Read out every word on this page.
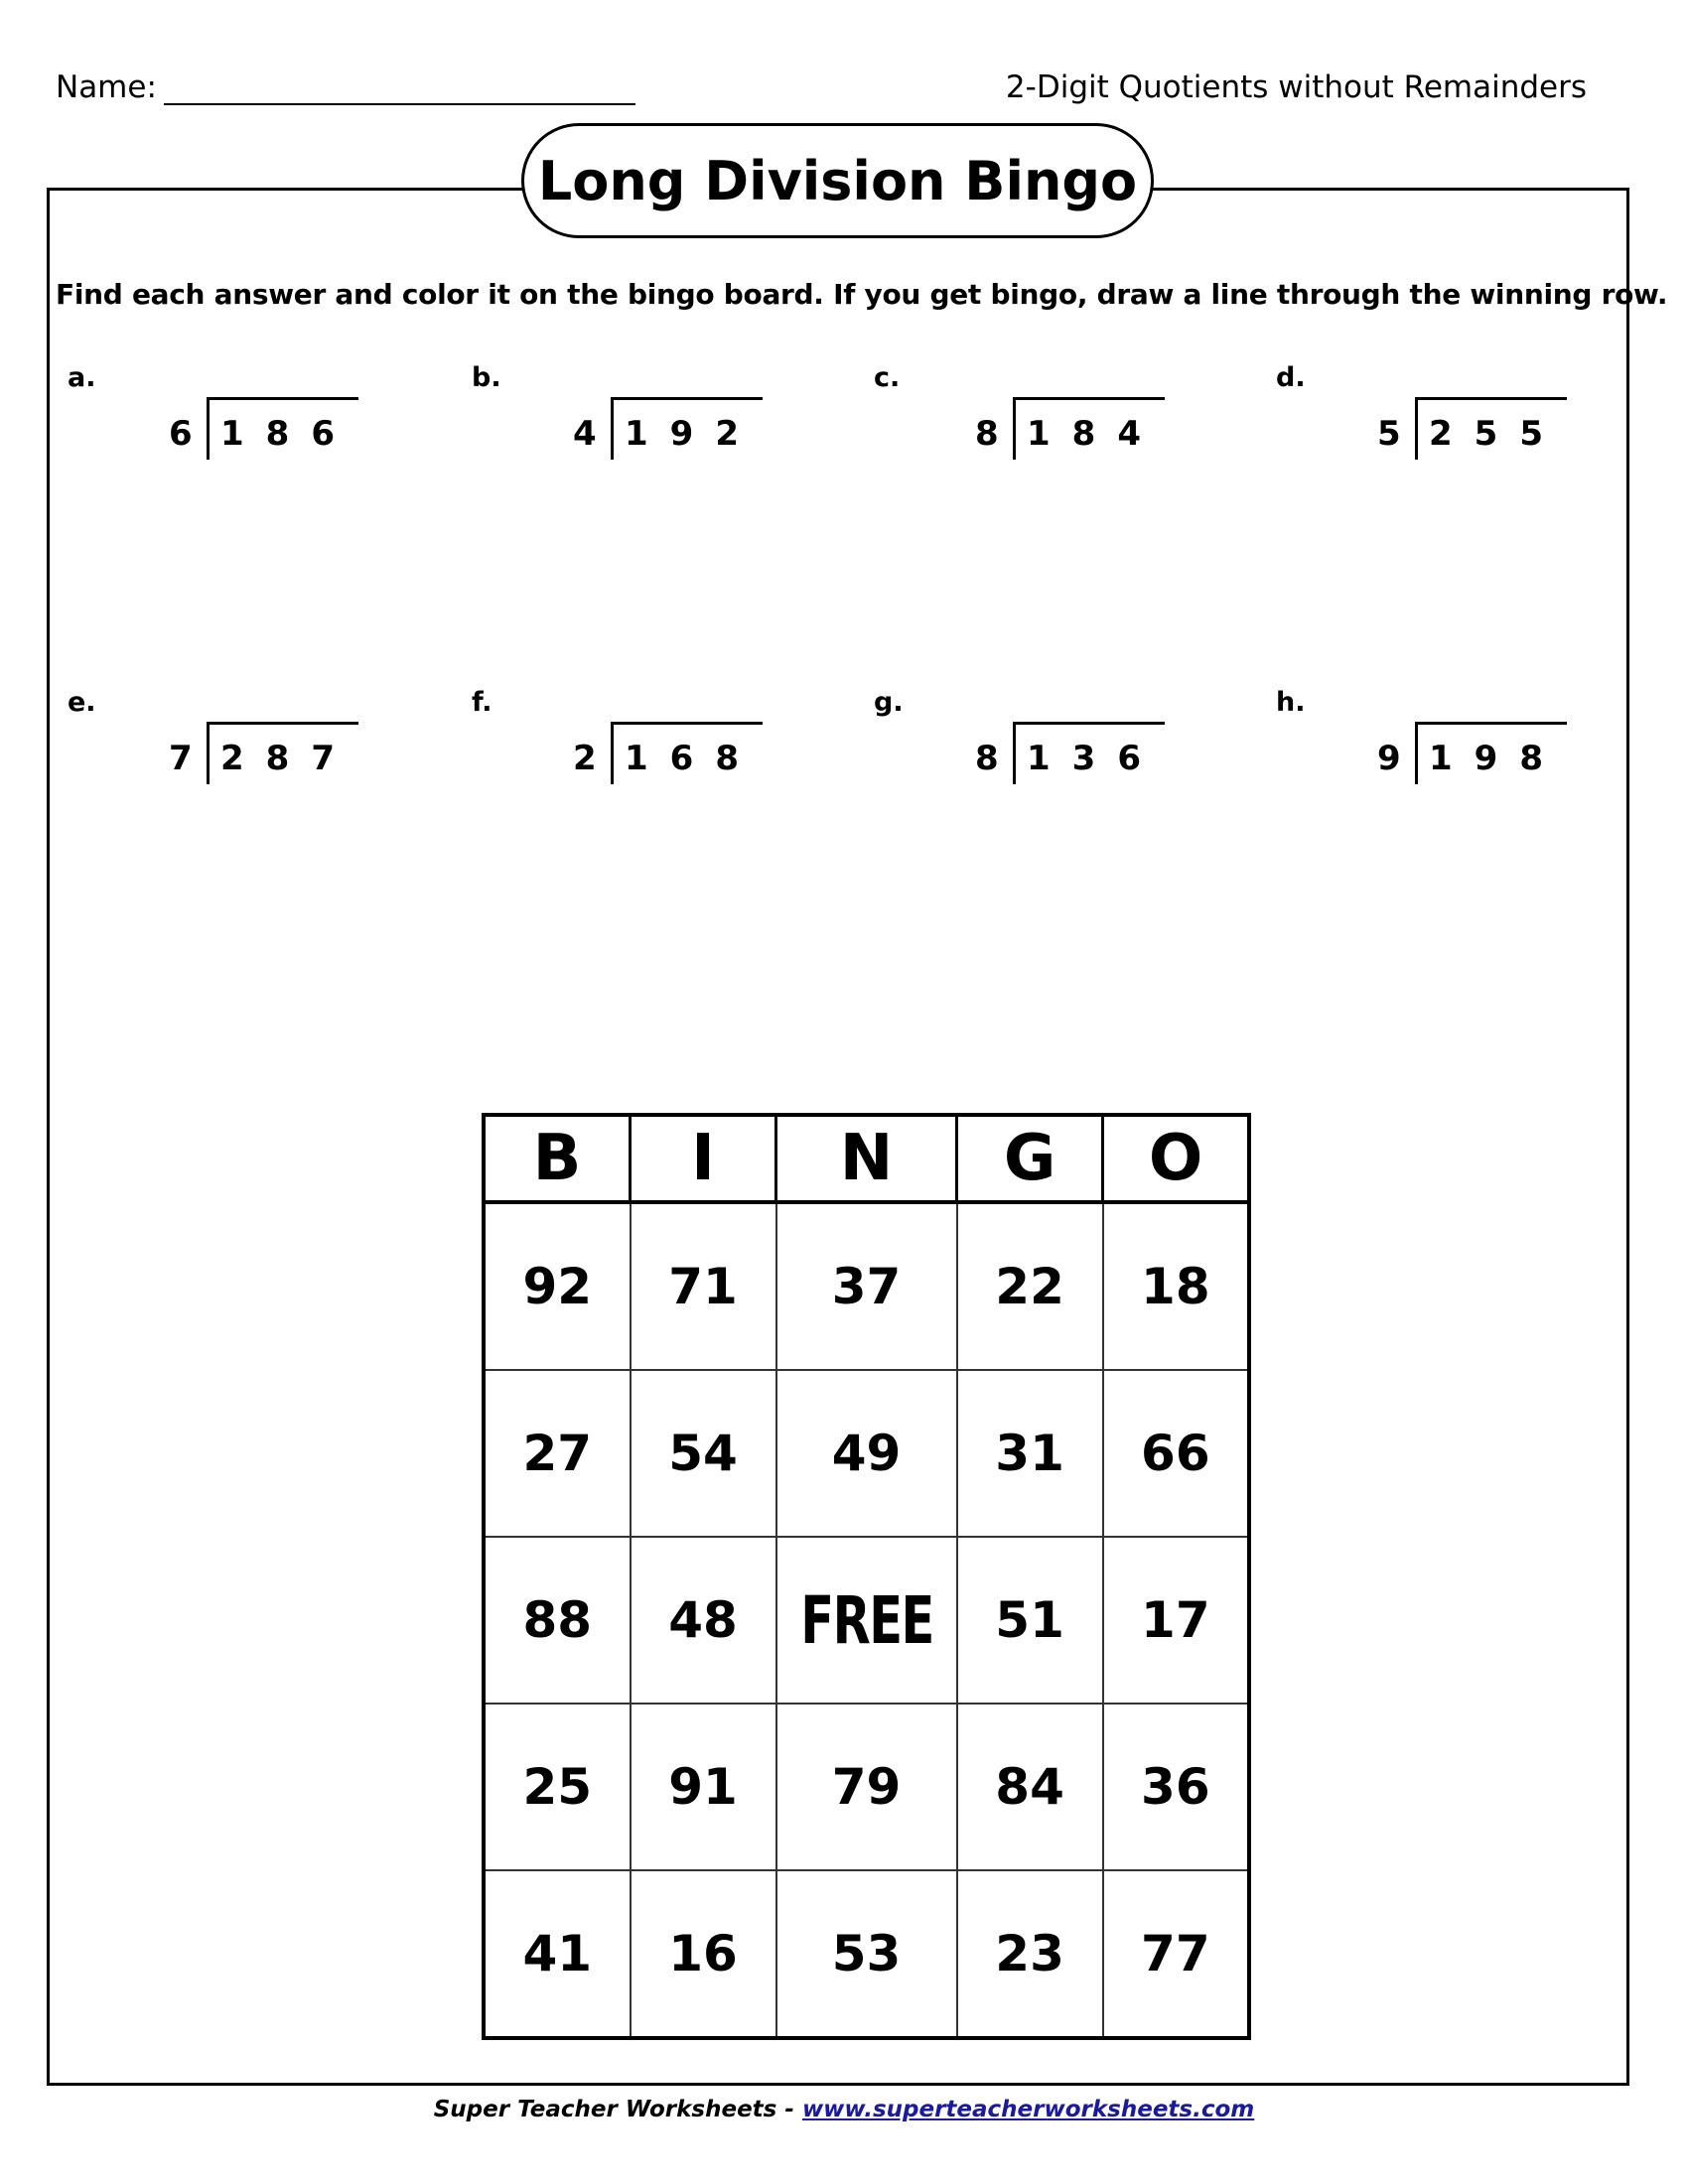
Name:	2-Digit Quotients without Remainders
Long Division Bingo
Find each answer and color it on the bingo board. If you get bingo, draw a line through the winning row.
a.
6 186
b.
4 192
c.
8 184
d.
5 255
e.
7 287
f.
2 168
g.
8 136
h.
9 198
B	I	N	G	O
92	71	37	22	18
27	54	49	31	66
88	48	FREE	51	17
25	91	79	84	36
41	16	53	23	77
Super Teacher Worksheets - www.superteacherworksheets.com
